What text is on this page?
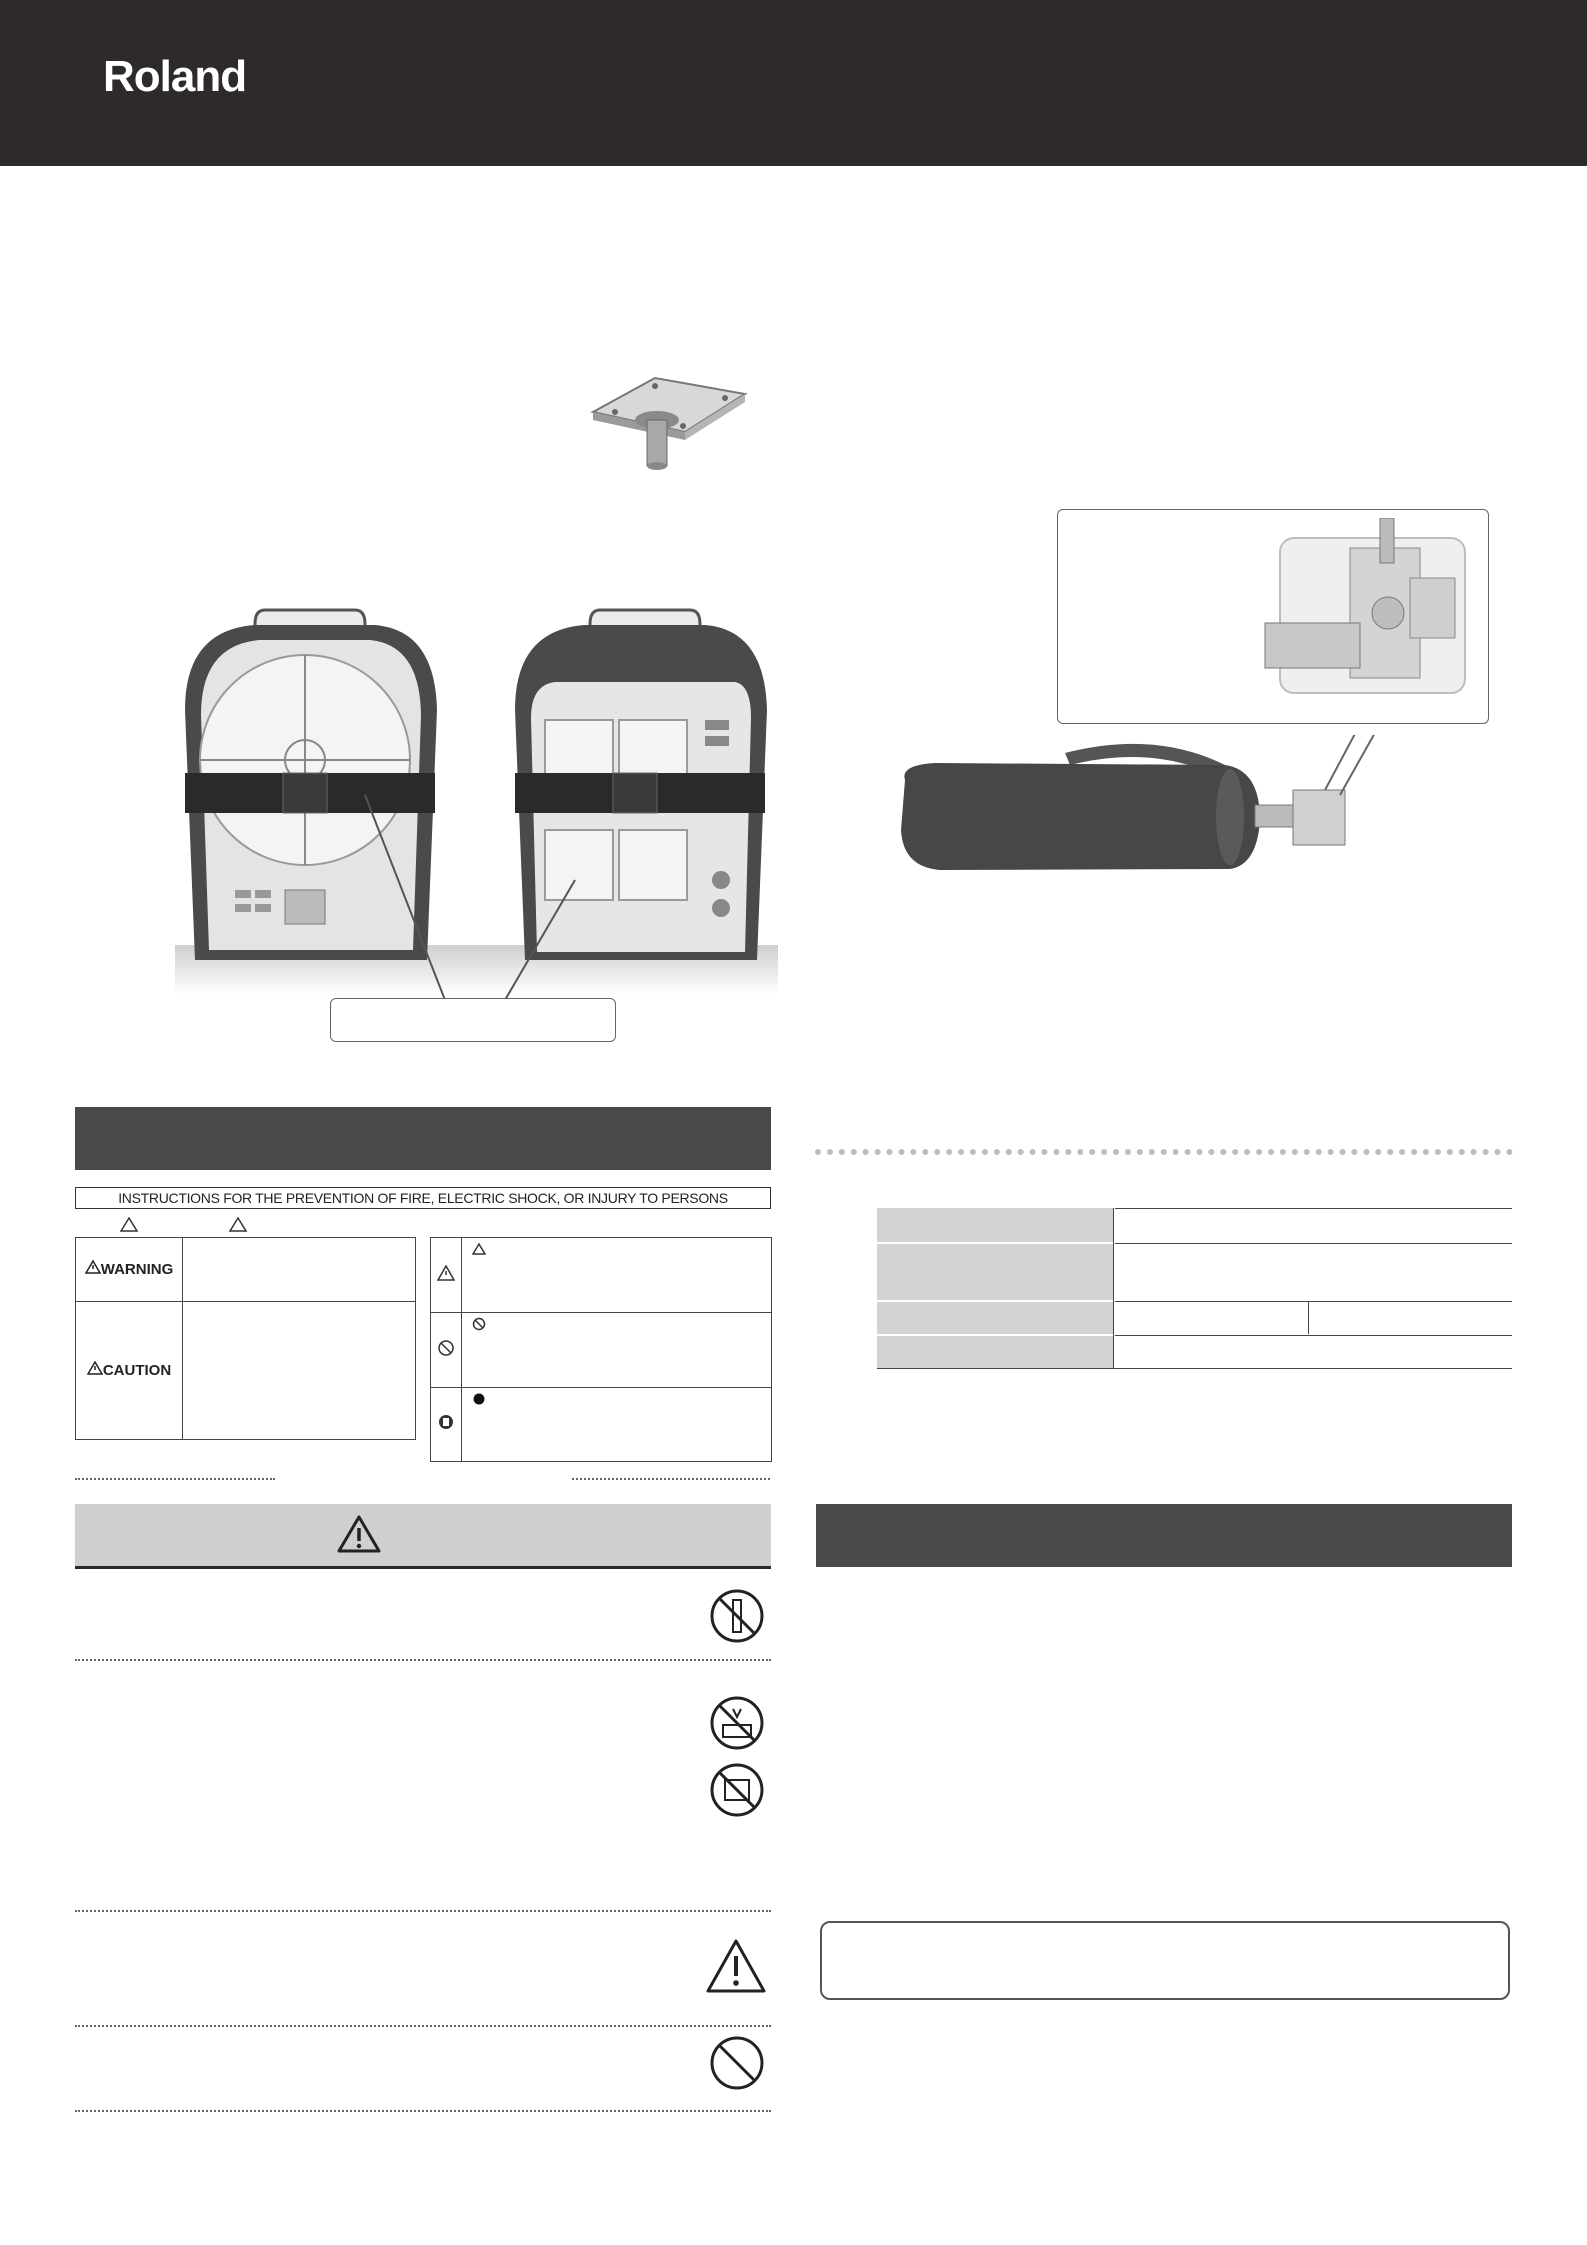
Roland
INSTRUCTIONS FOR THE PREVENTION OF FIRE, ELECTRIC SHOCK, OR INJURY TO PERSONS
WARNING	
CAUTION	
